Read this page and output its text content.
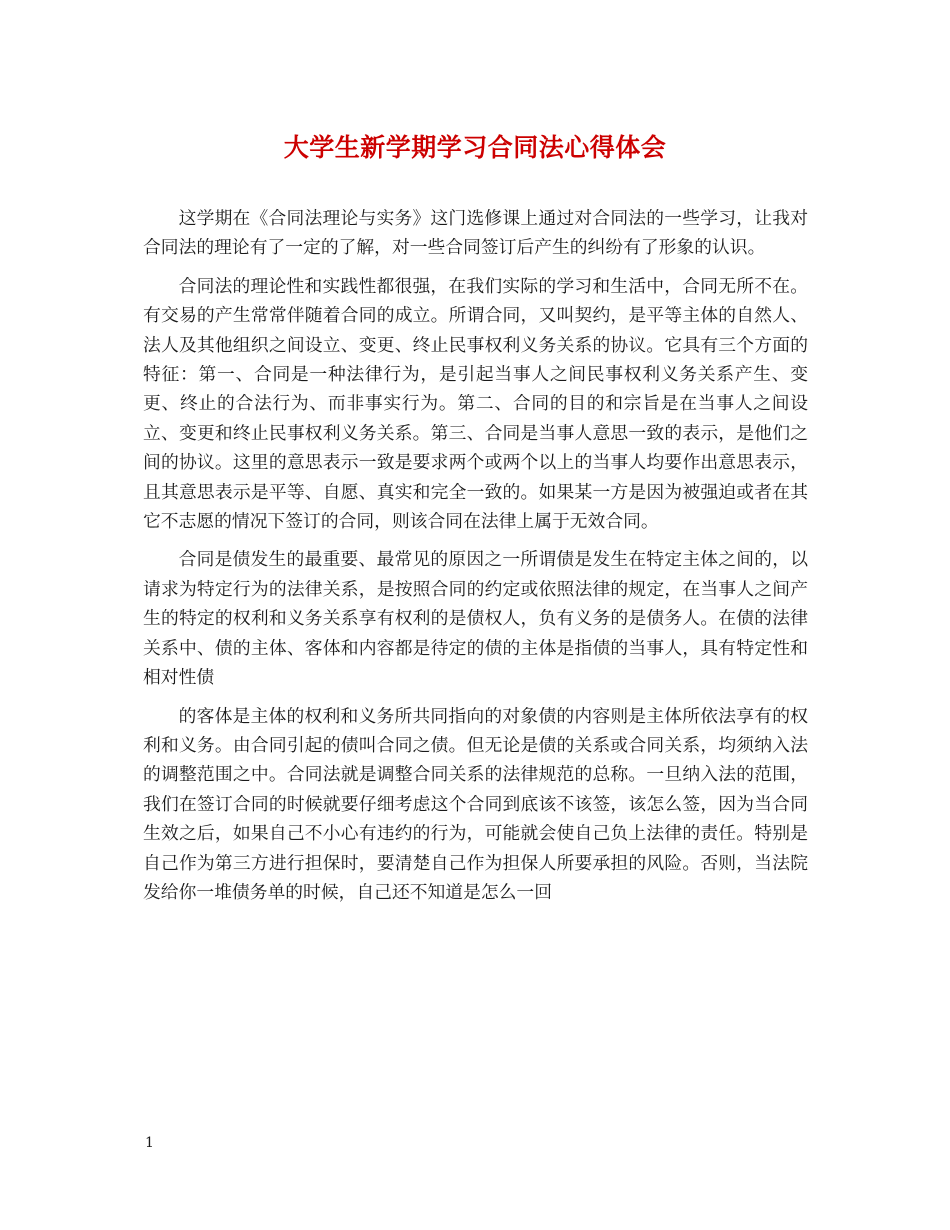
大学生新学期学习合同法心得体会

这学期在《合同法理论与实务》这门选修课上通过对合同法的一些学习，让我对合同法的理论有了一定的了解，对一些合同签订后产生的纠纷有了形象的认识。

合同法的理论性和实践性都很强，在我们实际的学习和生活中，合同无所不在。有交易的产生常常伴随着合同的成立。所谓合同，又叫契约，是平等主体的自然人、法人及其他组织之间设立、变更、终止民事权利义务关系的协议。它具有三个方面的特征：第一、合同是一种法律行为，是引起当事人之间民事权利义务关系产生、变更、终止的合法行为、而非事实行为。第二、合同的目的和宗旨是在当事人之间设立、变更和终止民事权利义务关系。第三、合同是当事人意思一致的表示，是他们之间的协议。这里的意思表示一致是要求两个或两个以上的当事人均要作出意思表示，且其意思表示是平等、自愿、真实和完全一致的。如果某一方是因为被强迫或者在其它不志愿的情况下签订的合同，则该合同在法律上属于无效合同。

合同是债发生的最重要、最常见的原因之一所谓债是发生在特定主体之间的，以请求为特定行为的法律关系，是按照合同的约定或依照法律的规定，在当事人之间产生的特定的权利和义务关系享有权利的是债权人，负有义务的是债务人。在债的法律关系中、债的主体、客体和内容都是待定的债的主体是指债的当事人，具有特定性和相对性债

的客体是主体的权利和义务所共同指向的对象债的内容则是主体所依法享有的权利和义务。由合同引起的债叫合同之债。但无论是债的关系或合同关系，均须纳入法的调整范围之中。合同法就是调整合同关系的法律规范的总称。一旦纳入法的范围，我们在签订合同的时候就要仔细考虑这个合同到底该不该签，该怎么签，因为当合同生效之后，如果自己不小心有违约的行为，可能就会使自己负上法律的责任。特别是自己作为第三方进行担保时，要清楚自己作为担保人所要承担的风险。否则，当法院发给你一堆债务单的时候，自己还不知道是怎么一回

1
